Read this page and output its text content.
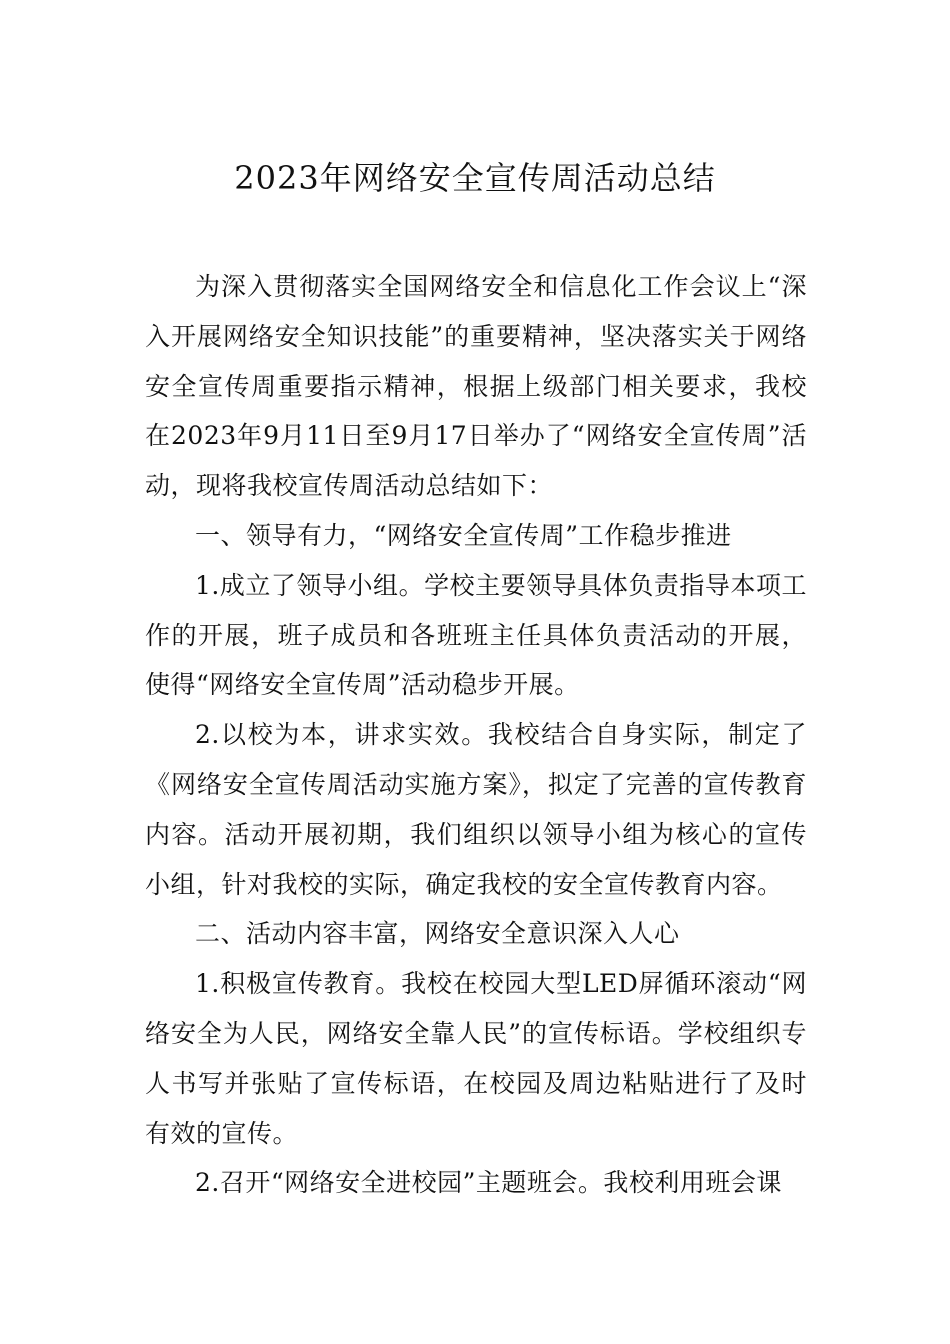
2023年网络安全宣传周活动总结

为深入贯彻落实全国网络安全和信息化工作会议上“深入开展网络安全知识技能”的重要精神，坚决落实关于网络安全宣传周重要指示精神，根据上级部门相关要求，我校在2023年9月11日至9月17日举办了“网络安全宣传周”活动，现将我校宣传周活动总结如下：

一、领导有力，“网络安全宣传周”工作稳步推进

1.成立了领导小组。学校主要领导具体负责指导本项工作的开展，班子成员和各班班主任具体负责活动的开展，使得“网络安全宣传周”活动稳步开展。

2.以校为本，讲求实效。我校结合自身实际，制定了《网络安全宣传周活动实施方案》，拟定了完善的宣传教育内容。活动开展初期，我们组织以领导小组为核心的宣传小组，针对我校的实际，确定我校的安全宣传教育内容。

二、活动内容丰富，网络安全意识深入人心

1.积极宣传教育。我校在校园大型LED屏循环滚动“网络安全为人民，网络安全靠人民”的宣传标语。学校组织专人书写并张贴了宣传标语，在校园及周边粘贴进行了及时有效的宣传。

2.召开“网络安全进校园”主题班会。我校利用班会课
